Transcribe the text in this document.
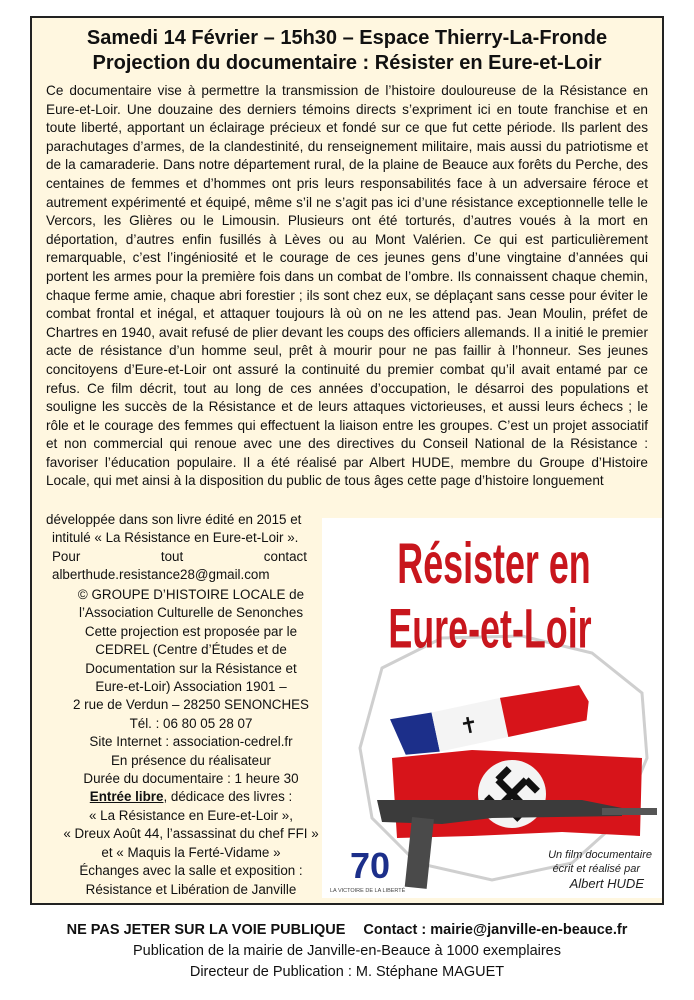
Samedi 14 Février – 15h30 – Espace Thierry-La-Fronde
Projection du documentaire : Résister en Eure-et-Loir

Ce documentaire vise à permettre la transmission de l’histoire douloureuse de la Résistance en Eure-et-Loir. Une douzaine des derniers témoins directs s’expriment ici en toute franchise et en toute liberté, apportant un éclairage précieux et fondé sur ce que fut cette période. Ils parlent des parachutages d’armes, de la clandestinité, du renseignement militaire, mais aussi du patriotisme et de la camaraderie. Dans notre département rural, de la plaine de Beauce aux forêts du Perche, des centaines de femmes et d’hommes ont pris leurs responsabilités face à un adversaire féroce et autrement expérimenté et équipé, même s’il ne s’agit pas ici d’une résistance exceptionnelle telle le Vercors, les Glières ou le Limousin. Plusieurs ont été torturés, d’autres voués à la mort en déportation, d’autres enfin fusillés à Lèves ou au Mont Valérien. Ce qui est particulièrement remarquable, c’est l’ingéniosité et le courage de ces jeunes gens d’une vingtaine d’années qui portent les armes pour la première fois dans un combat de l’ombre. Ils connaissent chaque chemin, chaque ferme amie, chaque abri forestier ; ils sont chez eux, se déplaçant sans cesse pour éviter le combat frontal et inégal, et attaquer toujours là où on ne les attend pas. Jean Moulin, préfet de Chartres en 1940, avait refusé de plier devant les coups des officiers allemands. Il a initié le premier acte de résistance d’un homme seul, prêt à mourir pour ne pas faillir à l’honneur. Ses jeunes concitoyens d’Eure-et-Loir ont assuré la continuité du premier combat qu’il avait entamé par ce refus. Ce film décrit, tout au long de ces années d’occupation, le désarroi des populations et souligne les succès de la Résistance et de leurs attaques victorieuses, et aussi leurs échecs ; le rôle et le courage des femmes qui effectuent la liaison entre les groupes. C’est un projet associatif et non commercial qui renoue avec une des directives du Conseil National de la Résistance : favoriser l’éducation populaire. Il a été réalisé par Albert HUDE, membre du Groupe d’Histoire Locale, qui met ainsi à la disposition du public de tous âges cette page d’histoire longuement

développée dans son livre édité en 2015 et
intitulé « La Résistance en Eure-et-Loir ».
Pour	tout	contact
alberthude.resistance28@gmail.com
© GROUPE D’HISTOIRE LOCALE de
l’Association Culturelle de Senonches
Cette projection est proposée par le
CEDREL (Centre d’Études et de
Documentation sur la Résistance et
Eure-et-Loir) Association 1901 –
2 rue de Verdun – 28250 SENONCHES
Tél. : 06 80 05 28 07
Site Internet : association-cedrel.fr
En présence du réalisateur
Durée du documentaire : 1 heure 30
Entrée libre, dédicace des livres :
« La Résistance en Eure-et-Loir »,
« Dreux Août 44, l’assassinat du chef FFI »
et « Maquis la Ferté-Vidame »
Échanges avec la salle et exposition :
Résistance et Libération de Janville
Résister en
Eure-et-Loir
✝
70
LA VICTOIRE DE LA LIBERTÉ
Un film documentaire
écrit et réalisé par
Albert HUDE
NE PAS JETER SUR LA VOIE PUBLIQUE Contact : mairie@janville-en-beauce.fr
Publication de la mairie de Janville-en-Beauce à 1000 exemplaires
Directeur de Publication : M. Stéphane MAGUET
